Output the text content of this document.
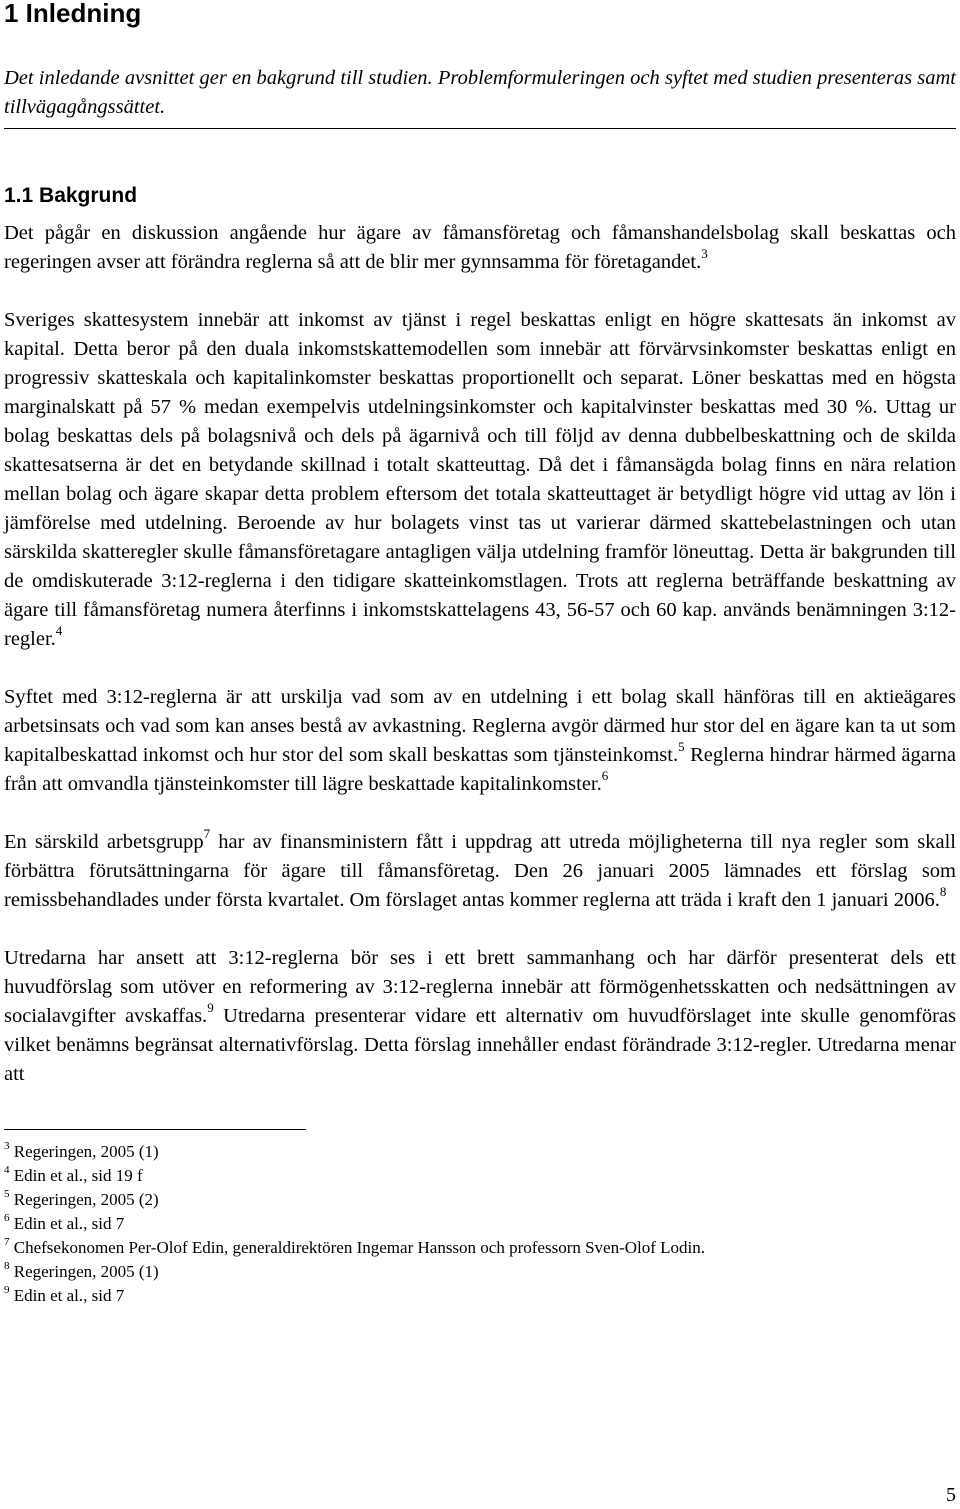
1 Inledning

Det inledande avsnittet ger en bakgrund till studien. Problemformuleringen och syftet med studien presenteras samt tillvägagångssättet.

1.1 Bakgrund

Det pågår en diskussion angående hur ägare av fåmansföretag och fåmanshandelsbolag skall beskattas och regeringen avser att förändra reglerna så att de blir mer gynnsamma för företagandet.$^3$

Sveriges skattesystem innebär att inkomst av tjänst i regel beskattas enligt en högre skattesats än inkomst av kapital. Detta beror på den duala inkomstskattemodellen som innebär att förvärvsinkomster beskattas enligt en progressiv skatteskala och kapitalinkomster beskattas proportionellt och separat. Löner beskattas med en högsta marginalskatt på 57 % medan exempelvis utdelningsinkomster och kapitalvinster beskattas med 30 %. Uttag ur bolag beskattas dels på bolagsnivå och dels på ägarnivå och till följd av denna dubbelbeskattning och de skilda skattesatserna är det en betydande skillnad i totalt skatteuttag. Då det i fåmansägda bolag finns en nära relation mellan bolag och ägare skapar detta problem eftersom det totala skatteuttaget är betydligt högre vid uttag av lön i jämförelse med utdelning. Beroende av hur bolagets vinst tas ut varierar därmed skattebelastningen och utan särskilda skatteregler skulle fåmansföretagare antagligen välja utdelning framför löneuttag. Detta är bakgrunden till de omdiskuterade 3:12-reglerna i den tidigare skatteinkomstlagen. Trots att reglerna beträffande beskattning av ägare till fåmansföretag numera återfinns i inkomstskattelagens 43, 56-57 och 60 kap. används benämningen 3:12-regler.$^4$

Syftet med 3:12-reglerna är att urskilja vad som av en utdelning i ett bolag skall hänföras till en aktieägares arbetsinsats och vad som kan anses bestå av avkastning. Reglerna avgör därmed hur stor del en ägare kan ta ut som kapitalbeskattad inkomst och hur stor del som skall beskattas som tjänsteinkomst.$^5$ Reglerna hindrar härmed ägarna från att omvandla tjänsteinkomster till lägre beskattade kapitalinkomster.$^6$

En särskild arbetsgrupp$^7$ har av finansministern fått i uppdrag att utreda möjligheterna till nya regler som skall förbättra förutsättningarna för ägare till fåmansföretag. Den 26 januari 2005 lämnades ett förslag som remissbehandlades under första kvartalet. Om förslaget antas kommer reglerna att träda i kraft den 1 januari 2006.$^8$

Utredarna har ansett att 3:12-reglerna bör ses i ett brett sammanhang och har därför presenterat dels ett huvudförslag som utöver en reformering av 3:12-reglerna innebär att förmögenhetsskatten och nedsättningen av socialavgifter avskaffas.$^9$ Utredarna presenterar vidare ett alternativ om huvudförslaget inte skulle genomföras vilket benämns begränsat alternativförslag. Detta förslag innehåller endast förändrade 3:12-regler. Utredarna menar att

$^3$ Regeringen, 2005 (1)
$^4$ Edin et al., sid 19 f
$^5$ Regeringen, 2005 (2)
$^6$ Edin et al., sid 7
$^7$ Chefsekonomen Per-Olof Edin, generaldirektören Ingemar Hansson och professorn Sven-Olof Lodin.
$^8$ Regeringen, 2005 (1)
$^9$ Edin et al., sid 7
5
